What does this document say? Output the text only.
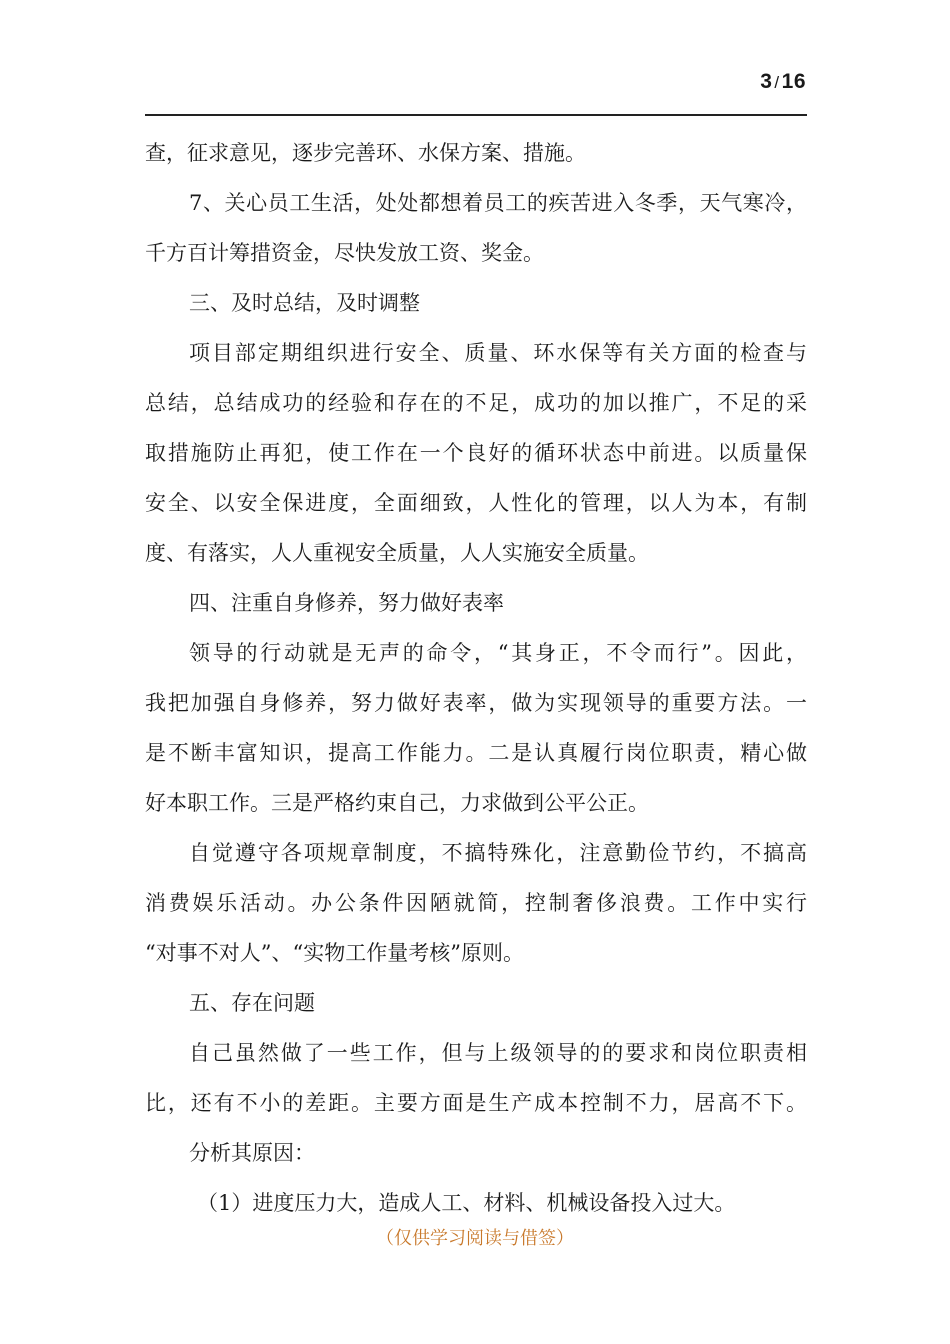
3 /16
查，征求意见，逐步完善环、水保方案、措施。
7、关心员工生活，处处都想着员工的疾苦进入冬季，天气寒冷，
千方百计筹措资金，尽快发放工资、奖金。
三、及时总结，及时调整
项目部定期组织进行安全、质量、环水保等有关方面的检查与
总结，总结成功的经验和存在的不足，成功的加以推广，不足的采
取措施防止再犯，使工作在一个良好的循环状态中前进。以质量保
安全、以安全保进度，全面细致，人性化的管理，以人为本，有制
度、有落实，人人重视安全质量，人人实施安全质量。
四、注重自身修养，努力做好表率
领导的行动就是无声的命令，“其身正，不令而行”。因此，
我把加强自身修养，努力做好表率，做为实现领导的重要方法。一
是不断丰富知识，提高工作能力。二是认真履行岗位职责，精心做
好本职工作。三是严格约束自己，力求做到公平公正。
自觉遵守各项规章制度，不搞特殊化，注意勤俭节约，不搞高
消费娱乐活动。办公条件因陋就简，控制奢侈浪费。工作中实行
“对事不对人”、“实物工作量考核”原则。
五、存在问题
自己虽然做了一些工作，但与上级领导的的要求和岗位职责相
比，还有不小的差距。主要方面是生产成本控制不力，居高不下。
分析其原因：
（1）进度压力大，造成人工、材料、机械设备投入过大。
（仅供学习阅读与借签）
